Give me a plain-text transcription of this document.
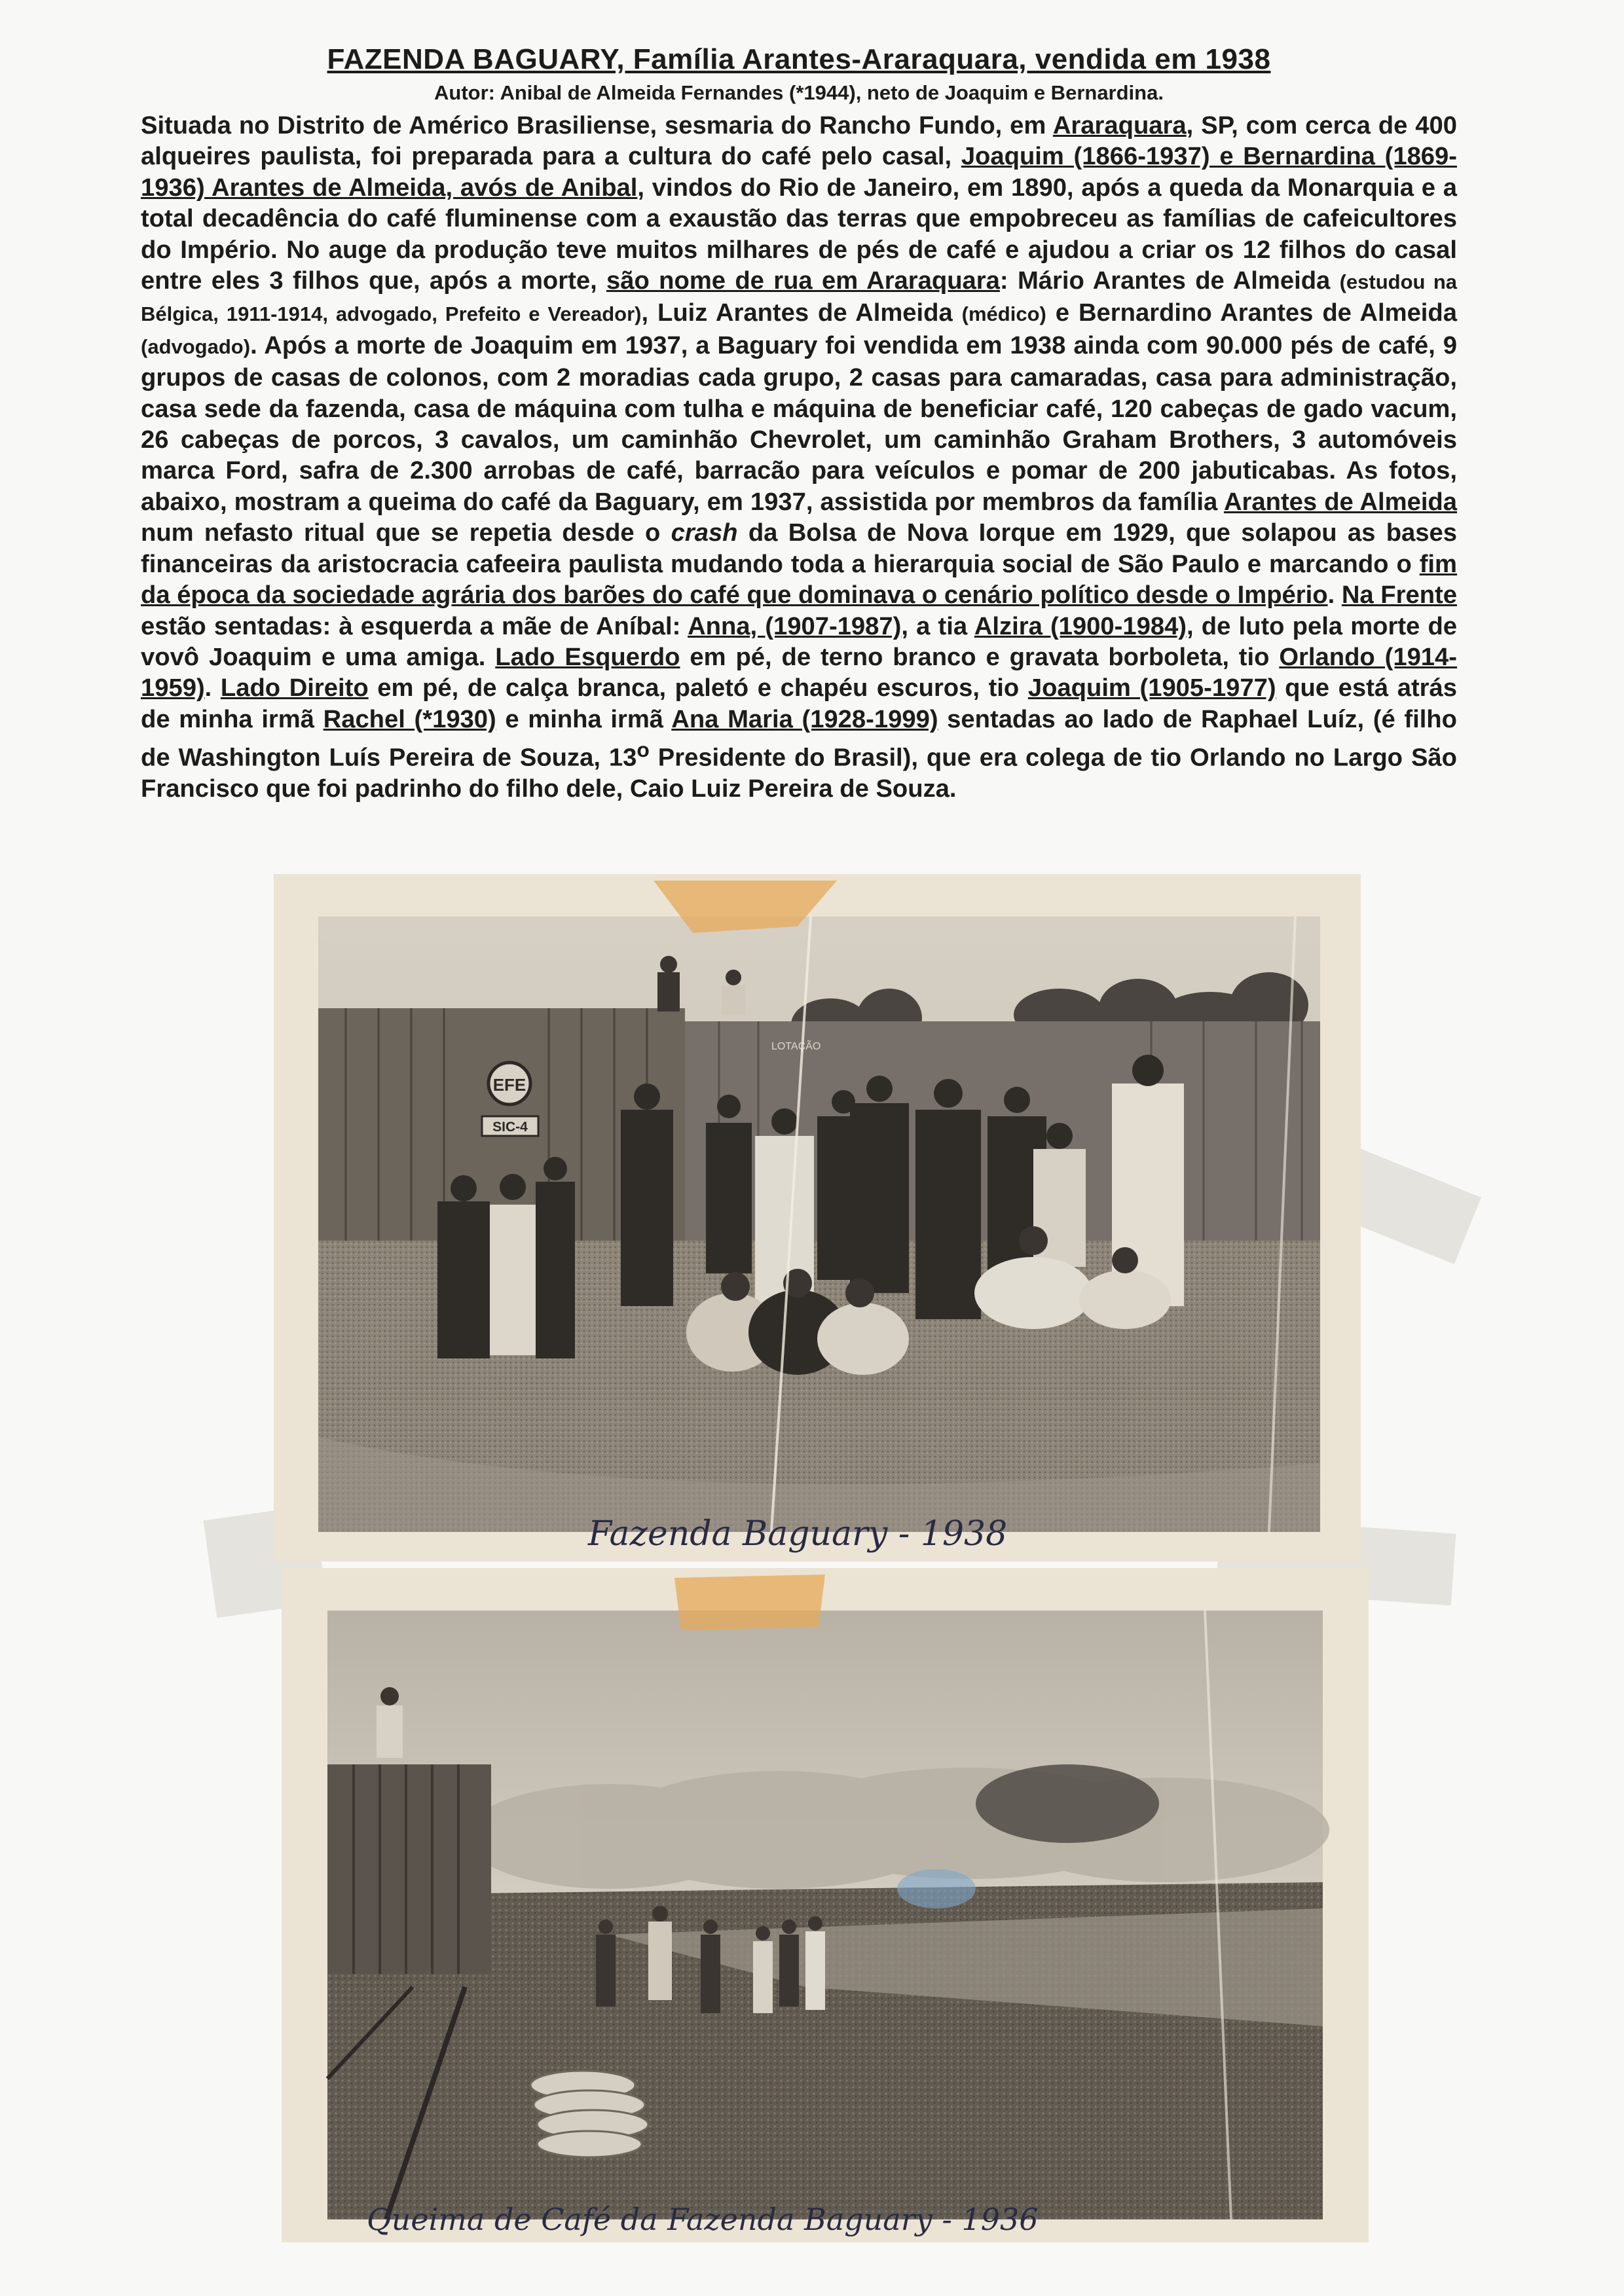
FAZENDA BAGUARY, Família Arantes-Araraquara, vendida em 1938
Autor: Anibal de Almeida Fernandes (*1944), neto de Joaquim e Bernardina.

Situada no Distrito de Américo Brasiliense, sesmaria do Rancho Fundo, em Araraquara, SP, com cerca de 400 alqueires paulista, foi preparada para a cultura do café pelo casal, Joaquim (1866-1937) e Bernardina (1869-1936) Arantes de Almeida, avós de Anibal, vindos do Rio de Janeiro, em 1890, após a queda da Monarquia e a total decadência do café fluminense com a exaustão das terras que empobreceu as famílias de cafeicultores do Império. No auge da produção teve muitos milhares de pés de café e ajudou a criar os 12 filhos do casal entre eles 3 filhos que, após a morte, são nome de rua em Araraquara: Mário Arantes de Almeida (estudou na Bélgica, 1911-1914, advogado, Prefeito e Vereador), Luiz Arantes de Almeida (médico) e Bernardino Arantes de Almeida (advogado). Após a morte de Joaquim em 1937, a Baguary foi vendida em 1938 ainda com 90.000 pés de café, 9 grupos de casas de colonos, com 2 moradias cada grupo, 2 casas para camaradas, casa para administração, casa sede da fazenda, casa de máquina com tulha e máquina de beneficiar café, 120 cabeças de gado vacum, 26 cabeças de porcos, 3 cavalos, um caminhão Chevrolet, um caminhão Graham Brothers, 3 automóveis marca Ford, safra de 2.300 arrobas de café, barracão para veículos e pomar de 200 jabuticabas. As fotos, abaixo, mostram a queima do café da Baguary, em 1937, assistida por membros da família Arantes de Almeida num nefasto ritual que se repetia desde o crash da Bolsa de Nova Iorque em 1929, que solapou as bases financeiras da aristocracia cafeeira paulista mudando toda a hierarquia social de São Paulo e marcando o fim da época da sociedade agrária dos barões do café que dominava o cenário político desde o Império. Na Frente estão sentadas: à esquerda a mãe de Aníbal: Anna, (1907-1987), a tia Alzira (1900-1984), de luto pela morte de vovô Joaquim e uma amiga. Lado Esquerdo em pé, de terno branco e gravata borboleta, tio Orlando (1914-1959). Lado Direito em pé, de calça branca, paletó e chapéu escuros, tio Joaquim (1905-1977) que está atrás de minha irmã Rachel (*1930) e minha irmã Ana Maria (1928-1999) sentadas ao lado de Raphael Luíz, (é filho de Washington Luís Pereira de Souza, 13$^o$ Presidente do Brasil), que era colega de tio Orlando no Largo São Francisco que foi padrinho do filho dele, Caio Luiz Pereira de Souza.

EFE
SIC-4
LOTAÇÃO
Fazenda Baguary - 1938
Queima de Café da Fazenda Baguary - 1936
